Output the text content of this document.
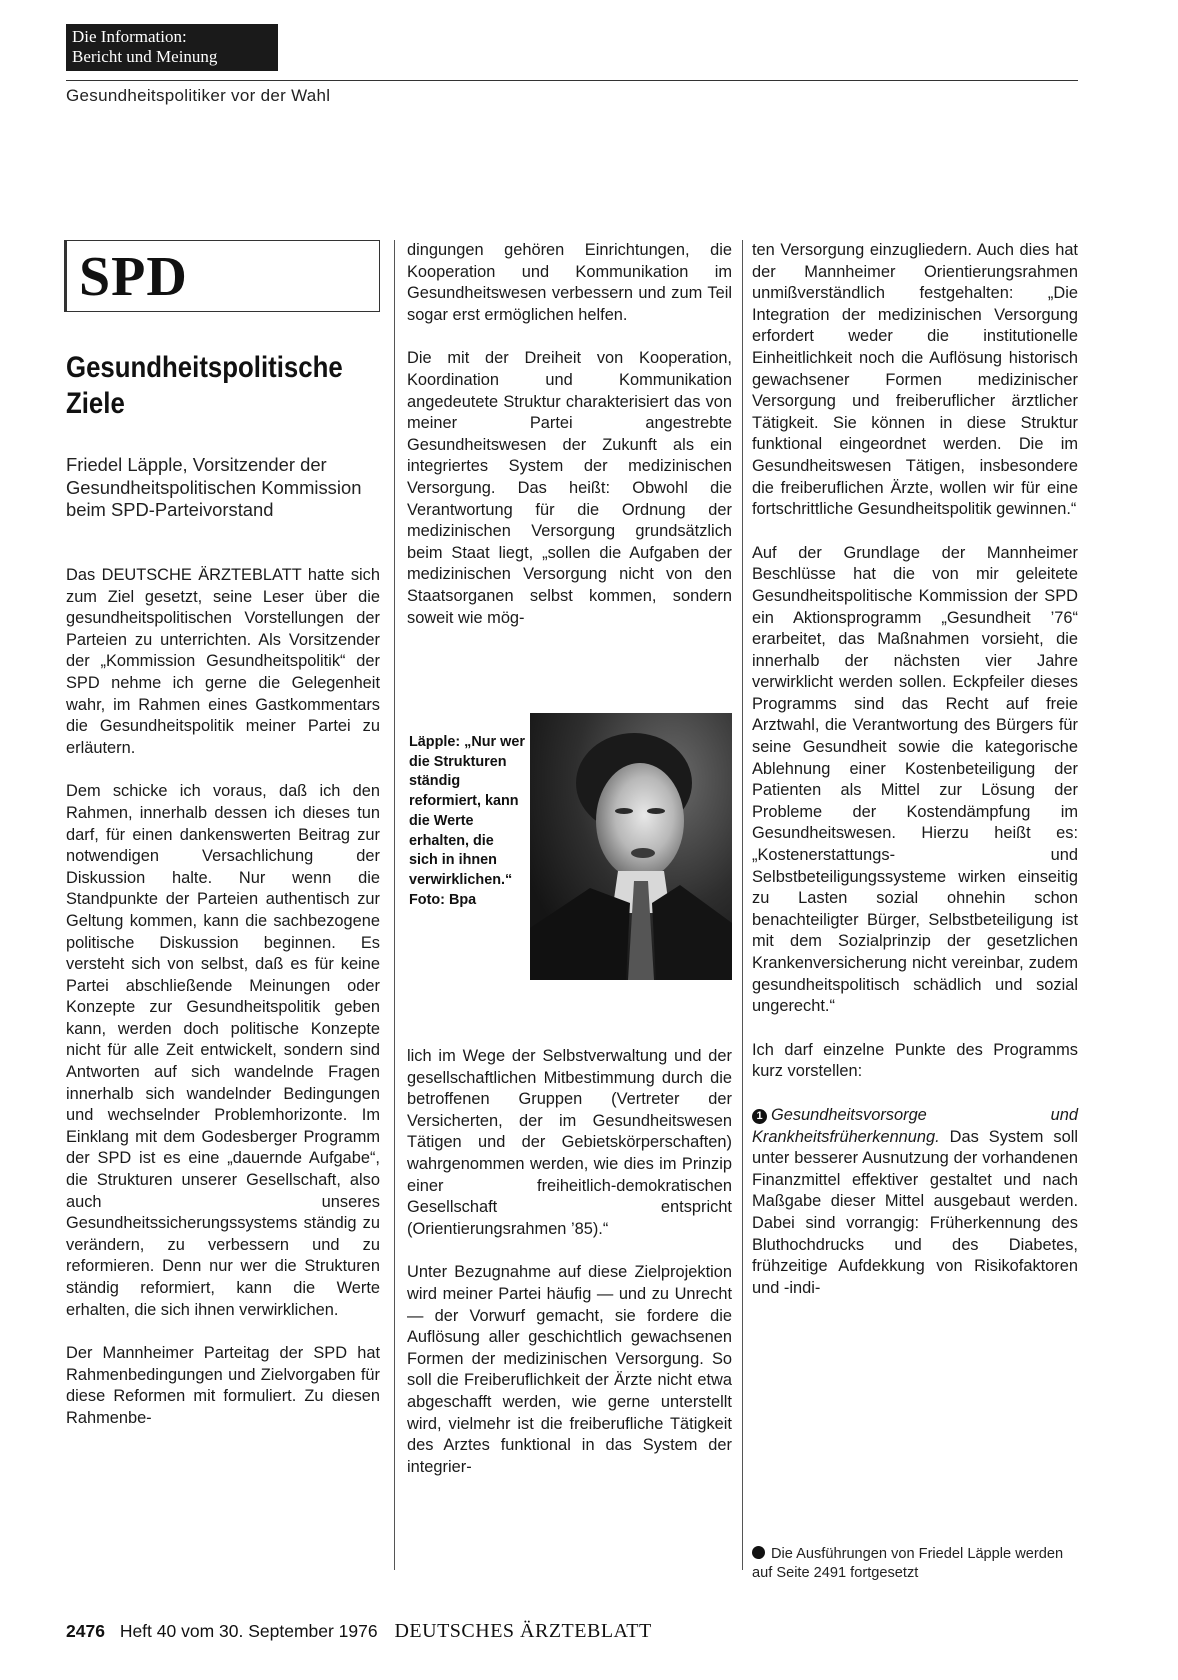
Die Information:
Bericht und Meinung
Gesundheitspolitiker vor der Wahl
SPD
Gesundheitspolitische Ziele
Friedel Läpple, Vorsitzender der Gesundheitspolitischen Kommission beim SPD-Parteivorstand

Das DEUTSCHE ÄRZTEBLATT hatte sich zum Ziel gesetzt, seine Leser über die gesundheitspolitischen Vorstellungen der Parteien zu unterrichten. Als Vorsitzender der „Kommission Gesundheitspolitik“ der SPD nehme ich gerne die Gelegenheit wahr, im Rahmen eines Gastkommentars die Gesundheitspolitik meiner Partei zu erläutern.

Dem schicke ich voraus, daß ich den Rahmen, innerhalb dessen ich dieses tun darf, für einen dankenswerten Beitrag zur notwendigen Versachlichung der Diskussion halte. Nur wenn die Standpunkte der Parteien authentisch zur Geltung kommen, kann die sachbezogene politische Diskussion beginnen. Es versteht sich von selbst, daß es für keine Partei abschließende Meinungen oder Konzepte zur Gesundheitspolitik geben kann, werden doch politische Konzepte nicht für alle Zeit entwickelt, sondern sind Antworten auf sich wandelnde Fragen innerhalb sich wandelnder Bedingungen und wechselnder Problemhorizonte. Im Einklang mit dem Godesberger Programm der SPD ist es eine „dauernde Aufgabe“, die Strukturen unserer Gesellschaft, also auch unseres Gesundheitssicherungssystems ständig zu verändern, zu verbessern und zu reformieren. Denn nur wer die Strukturen ständig reformiert, kann die Werte erhalten, die sich ihnen verwirklichen.

Der Mannheimer Parteitag der SPD hat Rahmenbedingungen und Zielvorgaben für diese Reformen mit formuliert. Zu diesen Rahmenbe-

dingungen gehören Einrichtungen, die Kooperation und Kommunikation im Gesundheitswesen verbessern und zum Teil sogar erst ermöglichen helfen.

Die mit der Dreiheit von Kooperation, Koordination und Kommunikation angedeutete Struktur charakterisiert das von meiner Partei angestrebte Gesundheitswesen der Zukunft als ein integriertes System der medizinischen Versorgung. Das heißt: Obwohl die Verantwortung für die Ordnung der medizinischen Versorgung grundsätzlich beim Staat liegt, „sollen die Aufgaben der medizinischen Versorgung nicht von den Staatsorganen selbst kommen, sondern soweit wie mög-

Läpple: „Nur wer die Strukturen ständig reformiert, kann die Werte erhalten, die sich in ihnen verwirklichen.“ Foto: Bpa

lich im Wege der Selbstverwaltung und der gesellschaftlichen Mitbestimmung durch die betroffenen Gruppen (Vertreter der Versicherten, der im Gesundheitswesen Tätigen und der Gebietskörperschaften) wahrgenommen werden, wie dies im Prinzip einer freiheitlich-demokratischen Gesellschaft entspricht (Orientierungsrahmen ’85).“

Unter Bezugnahme auf diese Zielprojektion wird meiner Partei häufig — und zu Unrecht — der Vorwurf gemacht, sie fordere die Auflösung aller geschichtlich gewachsenen Formen der medizinischen Versorgung. So soll die Freiberuflichkeit der Ärzte nicht etwa abgeschafft werden, wie gerne unterstellt wird, vielmehr ist die freiberufliche Tätigkeit des Arztes funktional in das System der integrier-

ten Versorgung einzugliedern. Auch dies hat der Mannheimer Orientierungsrahmen unmißverständlich festgehalten: „Die Integration der medizinischen Versorgung erfordert weder die institutionelle Einheitlichkeit noch die Auflösung historisch gewachsener Formen medizinischer Versorgung und freiberuflicher ärztlicher Tätigkeit. Sie können in diese Struktur funktional eingeordnet werden. Die im Gesundheitswesen Tätigen, insbesondere die freiberuflichen Ärzte, wollen wir für eine fortschrittliche Gesundheitspolitik gewinnen.“

Auf der Grundlage der Mannheimer Beschlüsse hat die von mir geleitete Gesundheitspolitische Kommission der SPD ein Aktionsprogramm „Gesundheit ’76“ erarbeitet, das Maßnahmen vorsieht, die innerhalb der nächsten vier Jahre verwirklicht werden sollen. Eckpfeiler dieses Programms sind das Recht auf freie Arztwahl, die Verantwortung des Bürgers für seine Gesundheit sowie die kategorische Ablehnung einer Kostenbeteiligung der Patienten als Mittel zur Lösung der Probleme der Kostendämpfung im Gesundheitswesen. Hierzu heißt es: „Kostenerstattungs- und Selbstbeteiligungssysteme wirken einseitig zu Lasten sozial ohnehin schon benachteiligter Bürger, Selbstbeteiligung ist mit dem Sozialprinzip der gesetzlichen Krankenversicherung nicht vereinbar, zudem gesundheitspolitisch schädlich und sozial ungerecht.“

Ich darf einzelne Punkte des Programms kurz vorstellen:

1 Gesundheitsvorsorge und Krankheitsfrüherkennung. Das System soll unter besserer Ausnutzung der vorhandenen Finanzmittel effektiver gestaltet und nach Maßgabe dieser Mittel ausgebaut werden. Dabei sind vorrangig: Früherkennung des Bluthochdrucks und des Diabetes, frühzeitige Aufdekkung von Risikofaktoren und -indi-

Die Ausführungen von Friedel Läpple werden auf Seite 2491 fortgesetzt
2476 Heft 40 vom 30. September 1976 DEUTSCHES ÄRZTEBLATT
